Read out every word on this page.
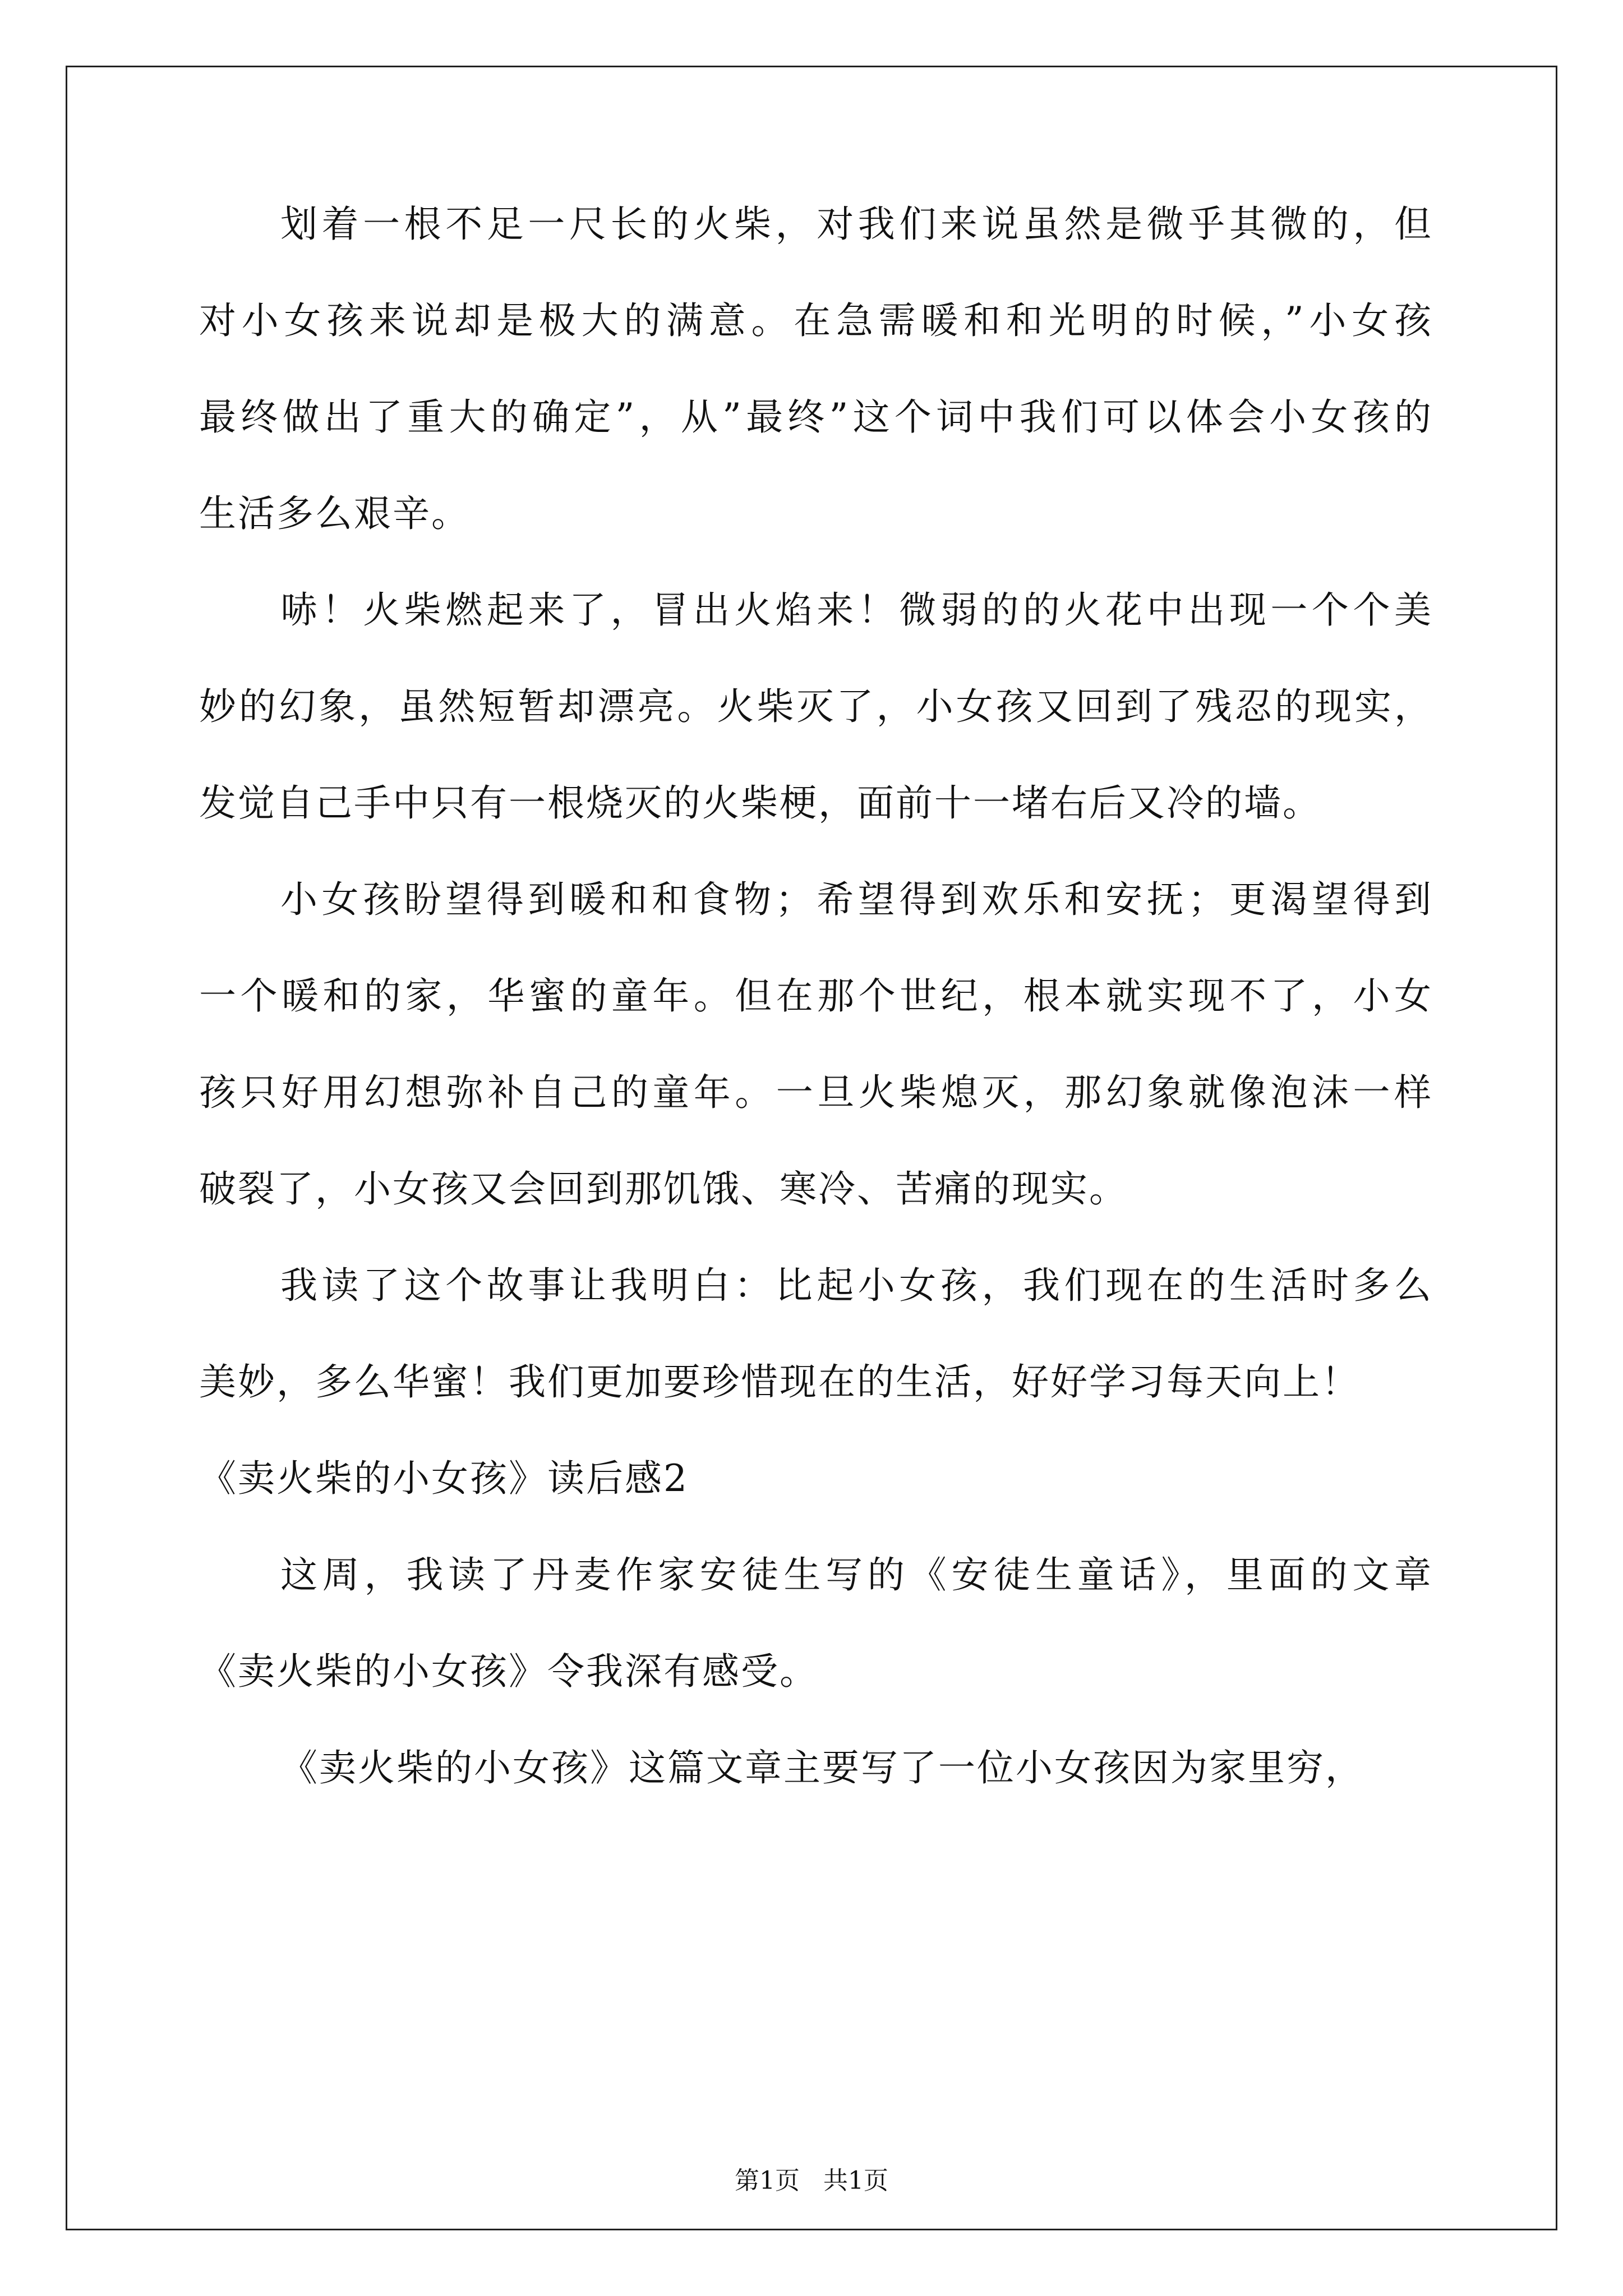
划着一根不足一尺长的火柴，对我们来说虽然是微乎其微的，但
对小女孩来说却是极大的满意。在急需暖和和光明的时候，”小女孩
最终做出了重大的确定”，从”最终”这个词中我们可以体会小女孩的
生活多么艰辛。
哧！火柴燃起来了，冒出火焰来！微弱的的火花中出现一个个美
妙的幻象，虽然短暂却漂亮。火柴灭了，小女孩又回到了残忍的现实，
发觉自己手中只有一根烧灭的火柴梗，面前十一堵右后又冷的墙。
小女孩盼望得到暖和和食物；希望得到欢乐和安抚；更渴望得到
一个暖和的家，华蜜的童年。但在那个世纪，根本就实现不了，小女
孩只好用幻想弥补自己的童年。一旦火柴熄灭，那幻象就像泡沫一样
破裂了，小女孩又会回到那饥饿、寒冷、苦痛的现实。
我读了这个故事让我明白：比起小女孩，我们现在的生活时多么
美妙，多么华蜜！我们更加要珍惜现在的生活，好好学习每天向上！
《卖火柴的小女孩》读后感2
这周，我读了丹麦作家安徒生写的《安徒生童话》，里面的文章
《卖火柴的小女孩》令我深有感受。
《卖火柴的小女孩》这篇文章主要写了一位小女孩因为家里穷，
第1页   共1页
